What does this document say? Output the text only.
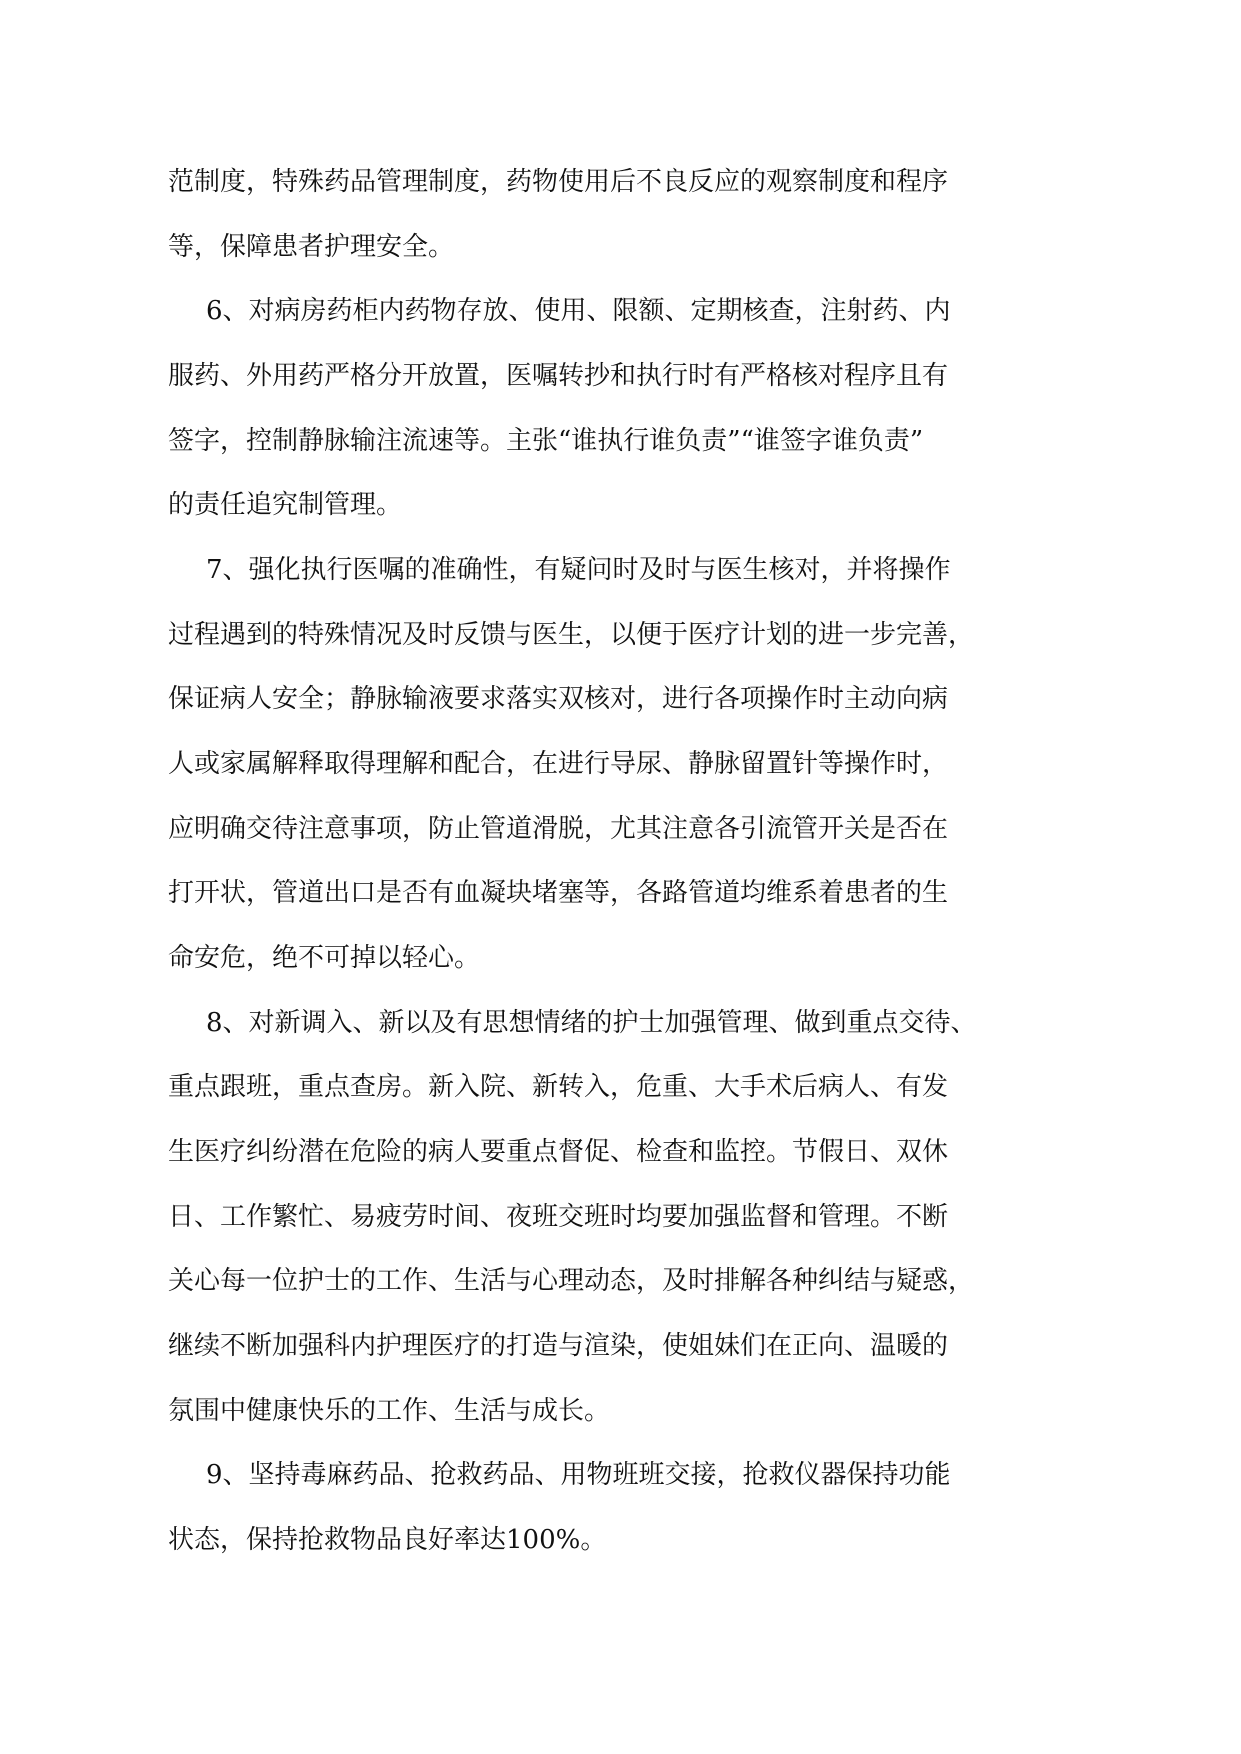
范制度，特殊药品管理制度，药物使用后不良反应的观察制度和程序
等，保障患者护理安全。
6、对病房药柜内药物存放、使用、限额、定期核查，注射药、内
服药、外用药严格分开放置，医嘱转抄和执行时有严格核对程序且有
签字，控制静脉输注流速等。主张“谁执行谁负责”“谁签字谁负责”
的责任追究制管理。
7、强化执行医嘱的准确性，有疑问时及时与医生核对，并将操作
过程遇到的特殊情况及时反馈与医生，以便于医疗计划的进一步完善，
保证病人安全；静脉输液要求落实双核对，进行各项操作时主动向病
人或家属解释取得理解和配合，在进行导尿、静脉留置针等操作时，
应明确交待注意事项，防止管道滑脱，尤其注意各引流管开关是否在
打开状，管道出口是否有血凝块堵塞等，各路管道均维系着患者的生
命安危，绝不可掉以轻心。
8、对新调入、新以及有思想情绪的护士加强管理、做到重点交待、
重点跟班，重点查房。新入院、新转入，危重、大手术后病人、有发
生医疗纠纷潜在危险的病人要重点督促、检查和监控。节假日、双休
日、工作繁忙、易疲劳时间、夜班交班时均要加强监督和管理。不断
关心每一位护士的工作、生活与心理动态，及时排解各种纠结与疑惑，
继续不断加强科内护理医疗的打造与渲染，使姐妹们在正向、温暖的
氛围中健康快乐的工作、生活与成长。
9、坚持毒麻药品、抢救药品、用物班班交接，抢救仪器保持功能
状态，保持抢救物品良好率达100%。
